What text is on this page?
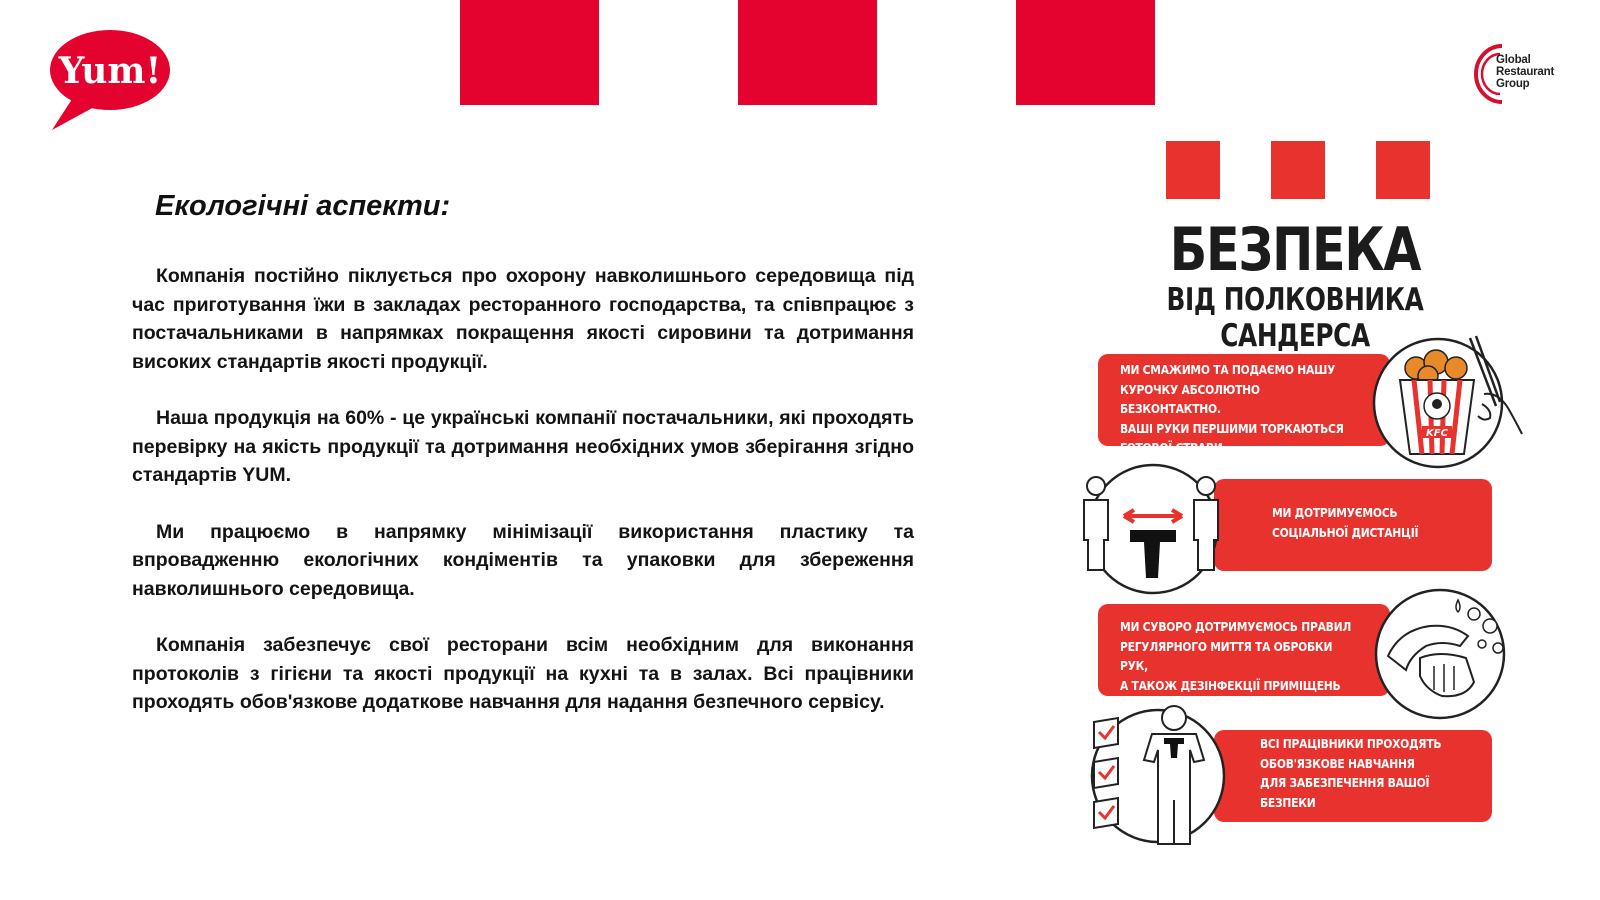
Yum!	Global
Restaurant
Group
Екологічні аспекти:

Компанія постійно піклується про охорону навколишнього середовища під час приготування їжи в закладах ресторанного господарства, та співпрацює з постачальниками в напрямках покращення якості сировини та дотримання високих стандартів якості продукції.

Наша продукція на 60% - це українські компанії постачальники, які проходять перевірку на якість продукції та дотримання необхідних умов зберігання згідно стандартів YUM.

Ми працюємо в напрямку мінімізації використання пластику та впровадженню екологічних кондіментів та упаковки для збереження навколишнього середовища.

Компанія забезпечує свої ресторани всім необхідним для виконання протоколів з гігієни та якості продукції на кухні та в залах. Всі працівники проходять обов'язкове додаткове навчання для надання безпечного сервісу.

БЕЗПЕКА
ВІД ПОЛКОВНИКА САНДЕРСА
МИ СМАЖИМО ТА ПОДАЄМО НАШУ
КУРОЧКУ АБСОЛЮТНО БЕЗКОНТАКТНО.
ВАШІ РУКИ ПЕРШИМИ ТОРКАЮТЬСЯ
ГОТОВОЇ СТРАВИ
KFC
МИ ДОТРИМУЄМОСЬ
СОЦІАЛЬНОЇ ДИСТАНЦІЇ
МИ СУВОРО ДОТРИМУЄМОСЬ ПРАВИЛ
РЕГУЛЯРНОГО МИТТЯ ТА ОБРОБКИ РУК,
А ТАКОЖ ДЕЗІНФЕКЦІЇ ПРИМІЩЕНЬ
ВСІ ПРАЦІВНИКИ ПРОХОДЯТЬ
ОБОВ'ЯЗКОВЕ НАВЧАННЯ
ДЛЯ ЗАБЕЗПЕЧЕННЯ ВАШОЇ
БЕЗПЕКИ
